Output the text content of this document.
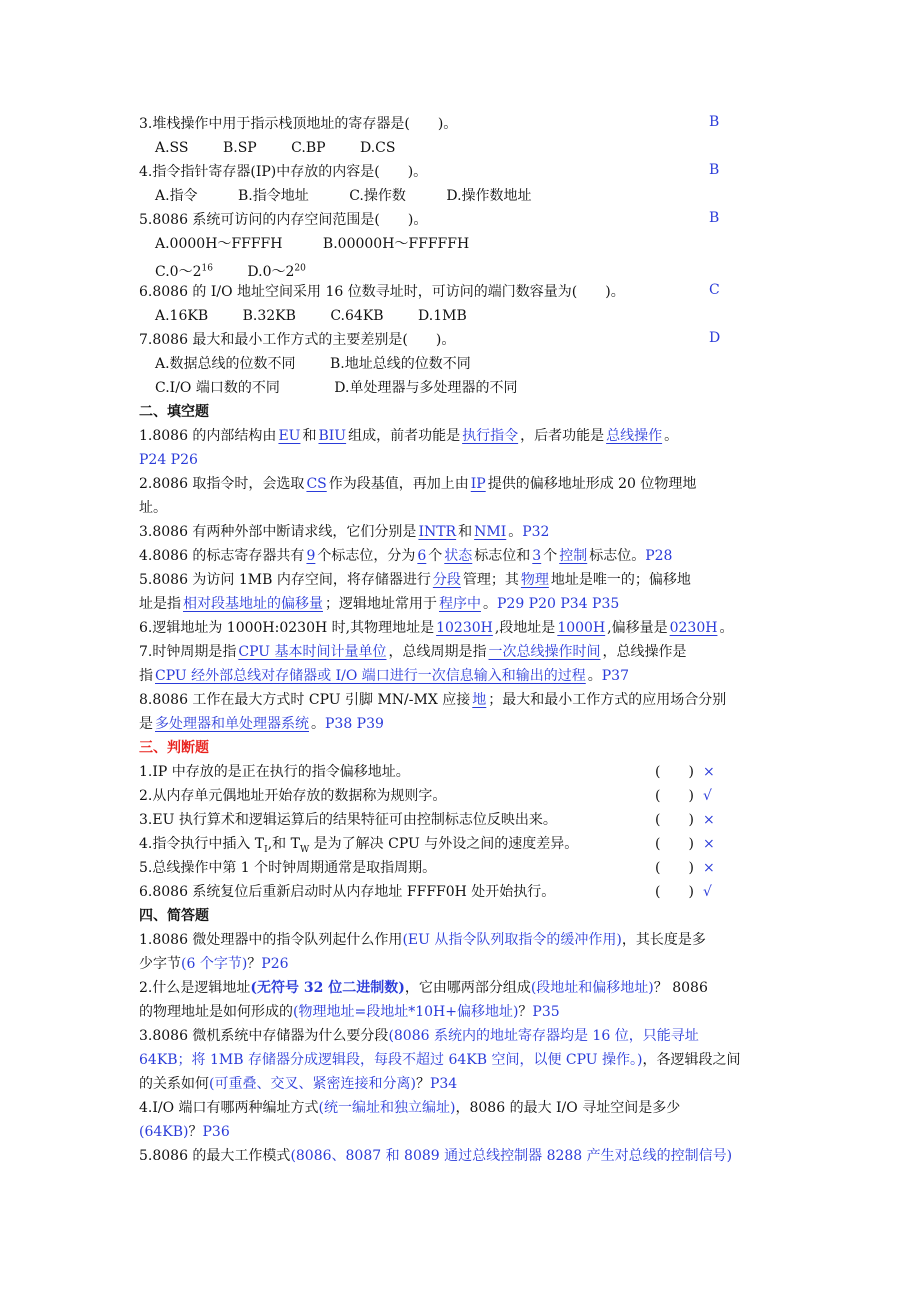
3.堆栈操作中用于指示栈顶地址的寄存器是(　　)。	B
A.SS B.SP C.BP D.CS
4.指令指针寄存器(IP)中存放的内容是(　　)。	B
A.指令	B.指令地址	C.操作数	D.操作数地址
5.8086 系统可访问的内存空间范围是(　　)。	B
A.0000H～FFFFH	B.00000H～FFFFFH
$C.0\sim 2^{16}$ $D.0\sim 2^{20}$
6.8086 的 I/O 地址空间采用 16 位数寻址时，可访问的端门数容量为(　　)。	C
A.16KB B.32KB C.64KB D.1MB
7.8086 最大和最小工作方式的主要差别是(　　)。	D
A.数据总线的位数不同 B.地址总线的位数不同
C.I/O 端口数的不同	D.单处理器与多处理器的不同
二、填空题
1.8086 的内部结构由 EU 和 BIU 组成，前者功能是 执行指令 ，后者功能是 总线操作 。
P24 P26
2.8086 取指令时，会选取 CS 作为段基值，再加上由 IP 提供的偏移地址形成 20 位物理地
址。
3.8086 有两种外部中断请求线，它们分别是 INTR 和 NMI 。P32
4.8086 的标志寄存器共有 9 个标志位，分为 6 个 状态 标志位和 3 个 控制 标志位。P28
5.8086 为访问 1MB 内存空间，将存储器进行 分段 管理；其 物理 地址是唯一的；偏移地
址是指 相对段基地址的偏移量 ；逻辑地址常用于 程序中 。P29 P20 P34 P35
6.逻辑地址为 1000H:0230H 时,其物理地址是 10230H ,段地址是 1000H ,偏移量是 0230H 。
7.时钟周期是指 CPU 基本时间计量单位 ，总线周期是指 一次总线操作时间 ，总线操作是
指 CPU 经外部总线对存储器或 I/O 端口进行一次信息输入和输出的过程 。P37
8.8086 工作在最大方式时 CPU 引脚 MN/-MX 应接 地 ；最大和最小工作方式的应用场合分别
是 多处理器和单处理器系统 。P38 P39
三、判断题
1.IP 中存放的是正在执行的指令偏移地址。	(　　) ×
2.从内存单元偶地址开始存放的数据称为规则字。	(　　) √
3.EU 执行算术和逻辑运算后的结果特征可由控制标志位反映出来。	(　　) ×
4.指令执行中插入 $T_I$,和 $T_W$ 是为了解决 CPU 与外设之间的速度差异。	(　　) ×
5.总线操作中第 1 个时钟周期通常是取指周期。	(　　) ×
6.8086 系统复位后重新启动时从内存地址 FFFF0H 处开始执行。	(　　) √
四、简答题
1.8086 微处理器中的指令队列起什么作用(EU 从指令队列取指令的缓冲作用)，其长度是多
少字节(6 个字节)？P26
2.什么是逻辑地址(无符号 32 位二进制数)，它由哪两部分组成(段地址和偏移地址)？ 8086
的物理地址是如何形成的(物理地址=段地址*10H+偏移地址)？P35
3.8086 微机系统中存储器为什么要分段(8086 系统内的地址寄存器均是 16 位，只能寻址
64KB；将 1MB 存储器分成逻辑段，每段不超过 64KB 空间，以便 CPU 操作。)，各逻辑段之间
的关系如何(可重叠、交叉、紧密连接和分离)？P34
4.I/O 端口有哪两种编址方式(统一编址和独立编址)，8086 的最大 I/O 寻址空间是多少
(64KB)？P36
5.8086 的最大工作模式(8086、8087 和 8089 通过总线控制器 8288 产生对总线的控制信号)
